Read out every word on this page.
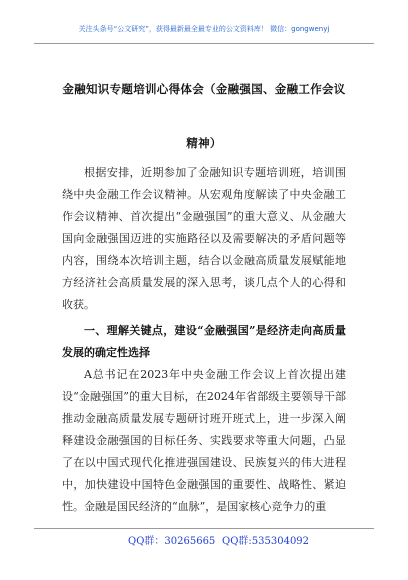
关注头条号“公文研究”，获得最新最全最专业的公文资料库！ 微信：gongwenyj
金融知识专题培训心得体会（金融强国、金融工作会议精神）

根据安排，近期参加了金融知识专题培训班，培训围绕中央金融工作会议精神。从宏观角度解读了中央金融工作会议精神、首次提出“金融强国”的重大意义、从金融大国向金融强国迈进的实施路径以及需要解决的矛盾问题等内容，围绕本次培训主题，结合以金融高质量发展赋能地方经济社会高质量发展的深入思考，谈几点个人的心得和收获。

一、理解关键点，建设“金融强国”是经济走向高质量发展的确定性选择

A总书记在2023年中央金融工作会议上首次提出建设“金融强国”的重大目标，在2024年省部级主要领导干部推动金融高质量发展专题研讨班开班式上，进一步深入阐释建设金融强国的目标任务、实践要求等重大问题，凸显了在以中国式现代化推进强国建设、民族复兴的伟大进程中，加快建设中国特色金融强国的重要性、战略性、紧迫性。金融是国民经济的“血脉”，是国家核心竞争力的重

QQ群：30265665 QQ群:535304092
